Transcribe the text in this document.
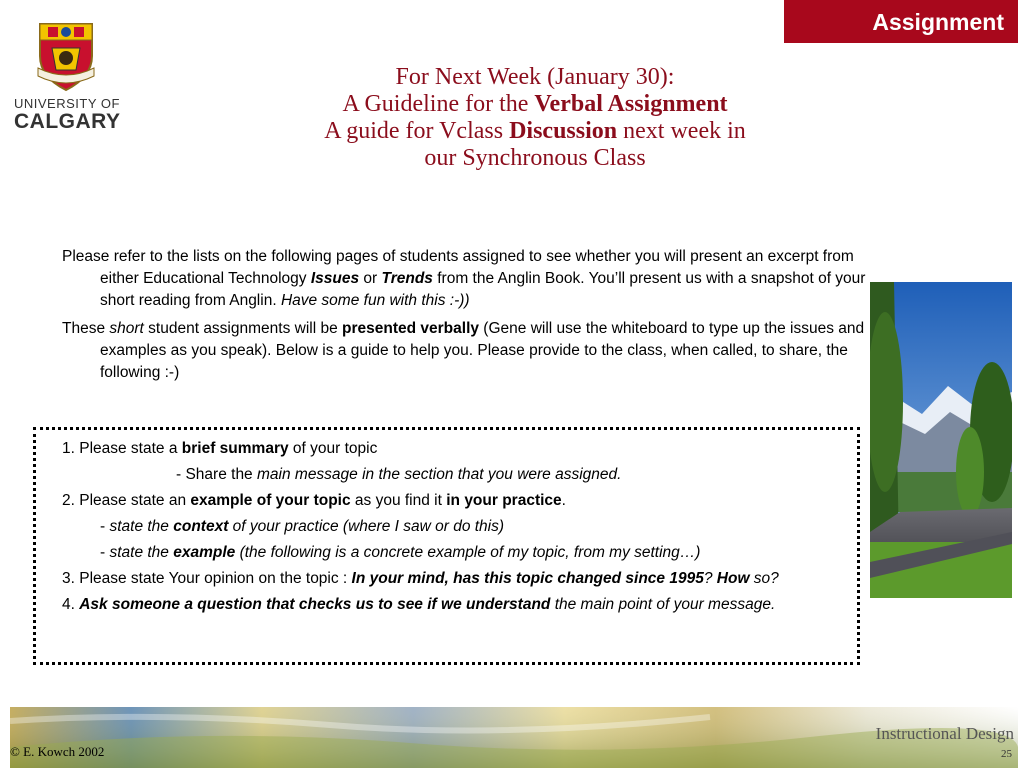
Assignment
UNIVERSITY OF
CALGARY
For Next Week (January 30):
A Guideline for the Verbal Assignment
A guide for Vclass Discussion next week in
our Synchronous Class

Please refer to the lists on the following pages of students assigned to see whether you will present an excerpt from either Educational Technology Issues or Trends from the Anglin Book. You’ll present us with a snapshot of your short reading from Anglin. Have some fun with this :-))

These short student assignments will be presented verbally (Gene will use the whiteboard to type up the issues and examples as you speak). Below is a guide to help you. Please provide to the class, when called, to share, the following :-)

1. Please state a brief summary of your topic
- Share the main message in the section that you were assigned.
2. Please state an example of your topic as you find it in your practice.
- state the context of your practice (where I saw or do this)
- state the example (the following is a concrete example of my topic, from my setting…)
3. Please state Your opinion on the topic : In your mind, has this topic changed since 1995? How so?
4. Ask someone a question that checks us to see if we understand the main point of your message.
© E. Kowch 2002
Instructional Design
25
